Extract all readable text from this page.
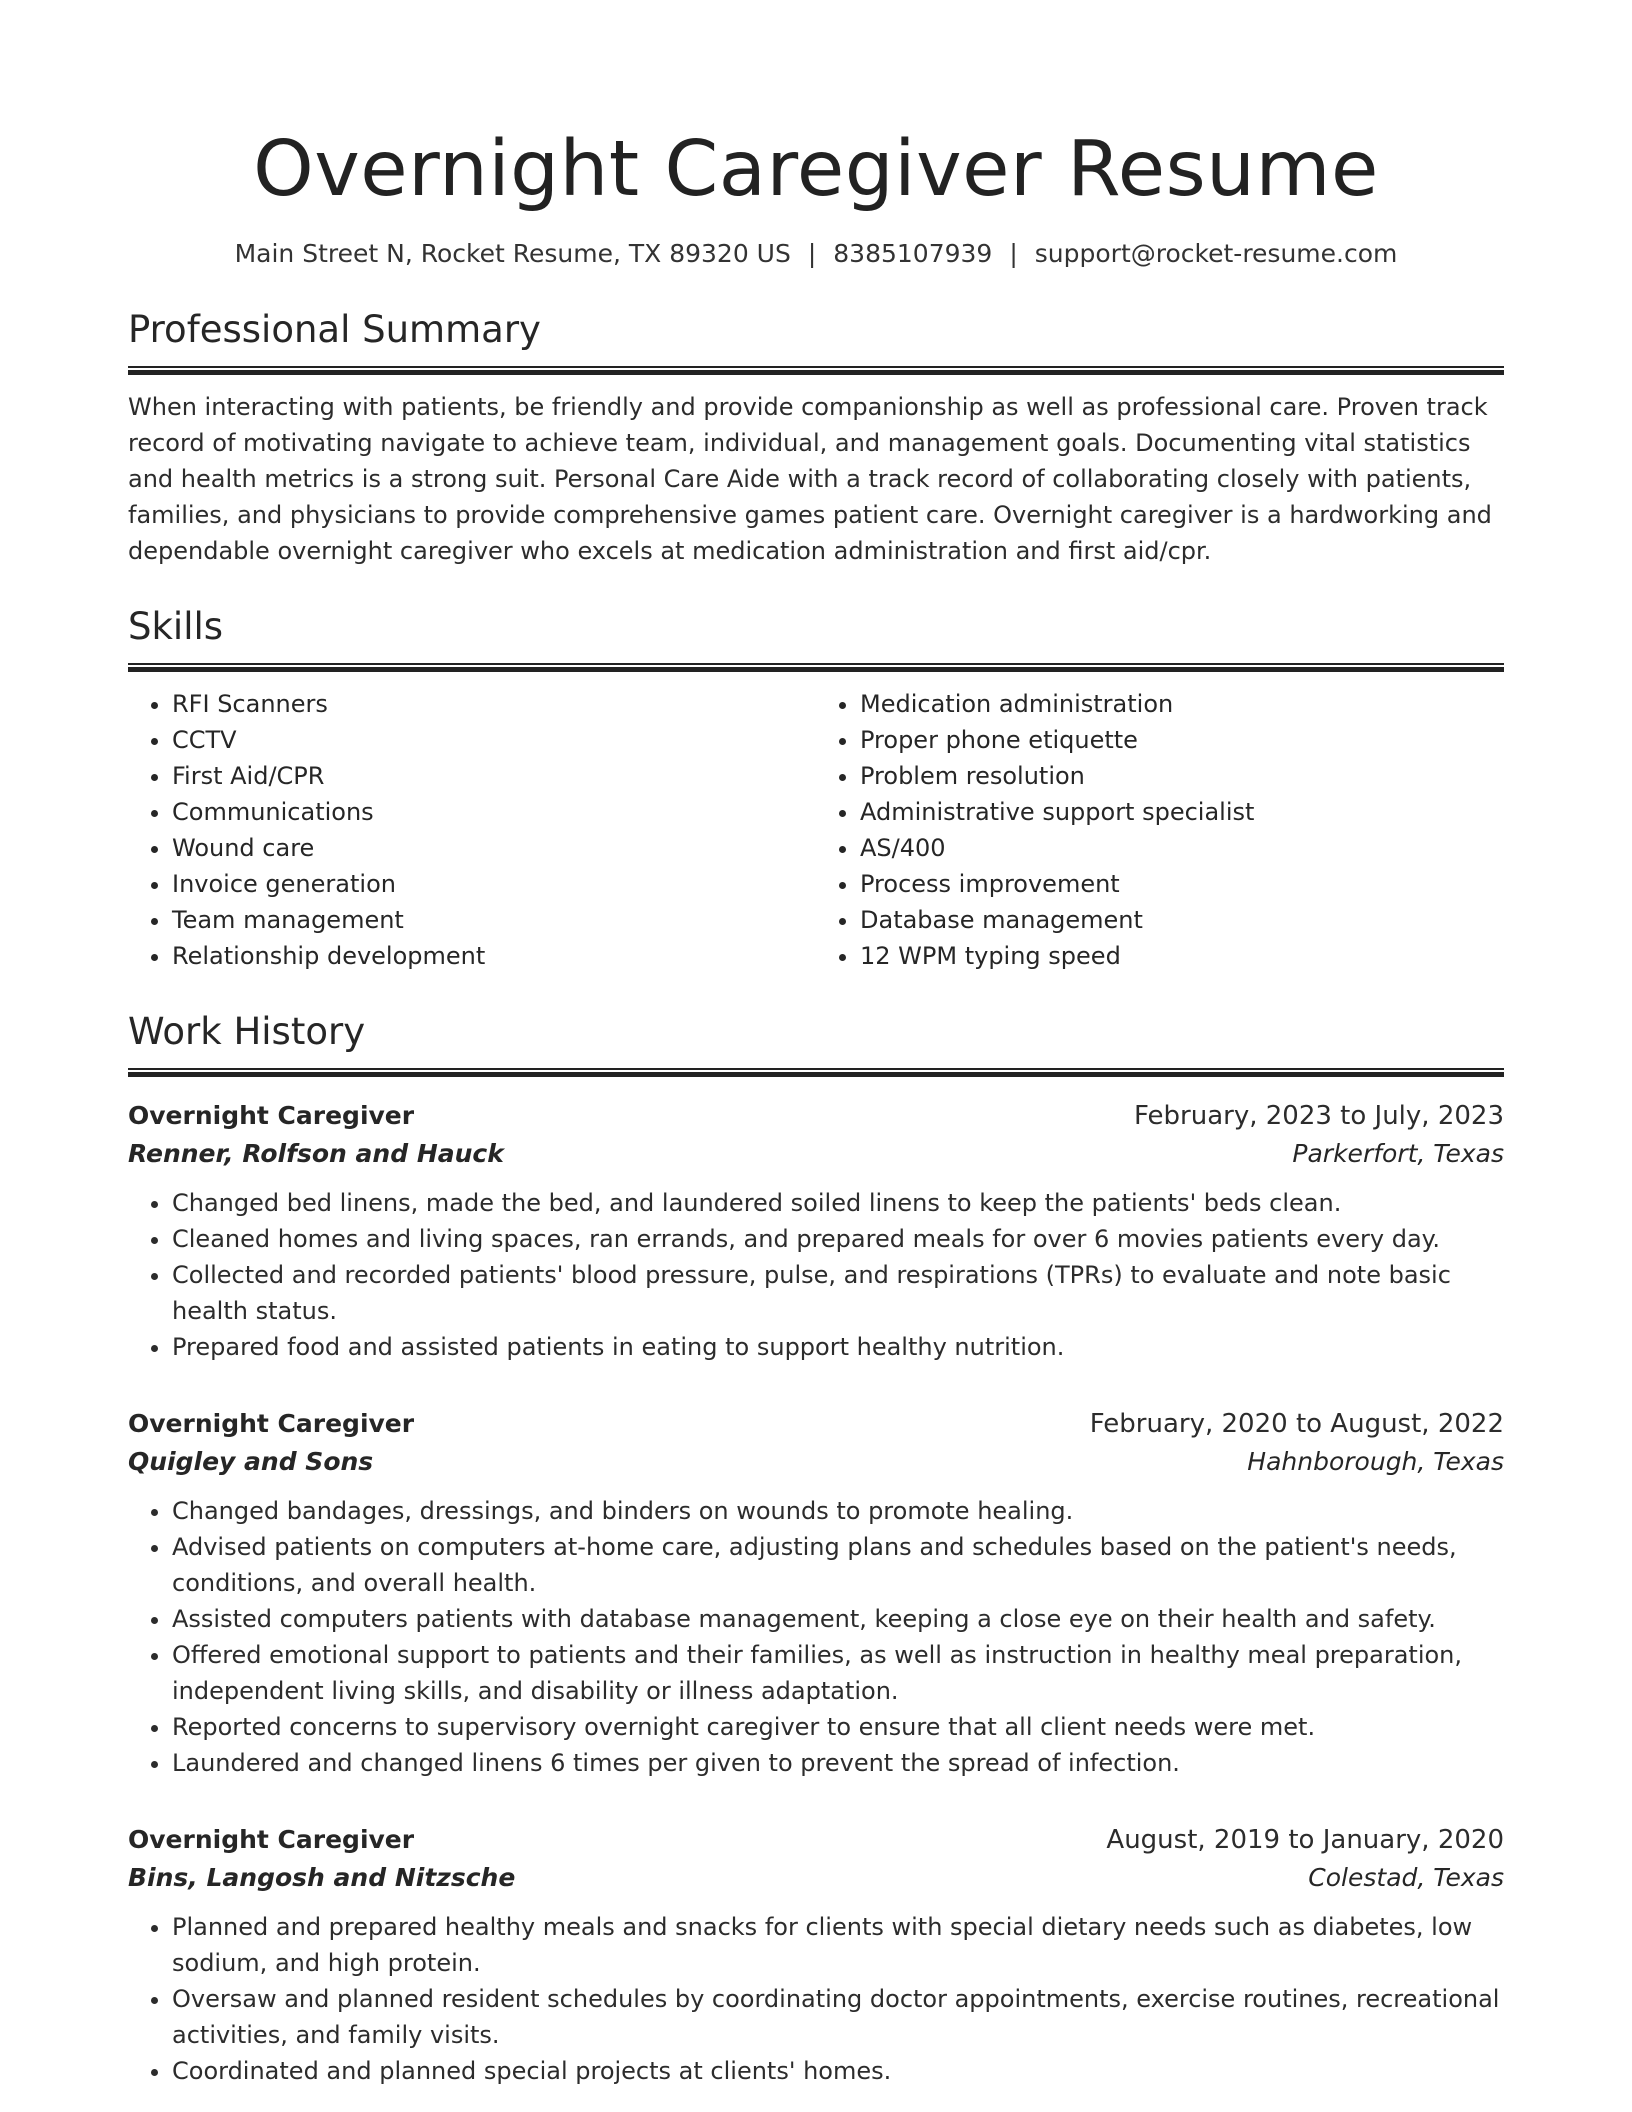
Overnight Caregiver Resume
Main Street N, Rocket Resume, TX 89320 US | 8385107939 | support@rocket-resume.com
Professional Summary
When interacting with patients, be friendly and provide companionship as well as professional care. Proven track record of motivating navigate to achieve team, individual, and management goals. Documenting vital statistics and health metrics is a strong suit. Personal Care Aide with a track record of collaborating closely with patients, families, and physicians to provide comprehensive games patient care. Overnight caregiver is a hardworking and dependable overnight caregiver who excels at medication administration and first aid/cpr.
Skills
• RFI Scanners
• CCTV
• First Aid/CPR
• Communications
• Wound care
• Invoice generation
• Team management
• Relationship development
• Medication administration
• Proper phone etiquette
• Problem resolution
• Administrative support specialist
• AS/400
• Process improvement
• Database management
• 12 WPM typing speed
Work History
Overnight Caregiver	February, 2023 to July, 2023
Renner, Rolfson and Hauck	Parkerfort, Texas
• Changed bed linens, made the bed, and laundered soiled linens to keep the patients' beds clean.
• Cleaned homes and living spaces, ran errands, and prepared meals for over 6 movies patients every day.
• Collected and recorded patients' blood pressure, pulse, and respirations (TPRs) to evaluate and note basic health status.
• Prepared food and assisted patients in eating to support healthy nutrition.
Overnight Caregiver	February, 2020 to August, 2022
Quigley and Sons	Hahnborough, Texas
• Changed bandages, dressings, and binders on wounds to promote healing.
• Advised patients on computers at-home care, adjusting plans and schedules based on the patient's needs, conditions, and overall health.
• Assisted computers patients with database management, keeping a close eye on their health and safety.
• Offered emotional support to patients and their families, as well as instruction in healthy meal preparation, independent living skills, and disability or illness adaptation.
• Reported concerns to supervisory overnight caregiver to ensure that all client needs were met.
• Laundered and changed linens 6 times per given to prevent the spread of infection.
Overnight Caregiver	August, 2019 to January, 2020
Bins, Langosh and Nitzsche	Colestad, Texas
• Planned and prepared healthy meals and snacks for clients with special dietary needs such as diabetes, low sodium, and high protein.
• Oversaw and planned resident schedules by coordinating doctor appointments, exercise routines, recreational activities, and family visits.
• Coordinated and planned special projects at clients' homes.
